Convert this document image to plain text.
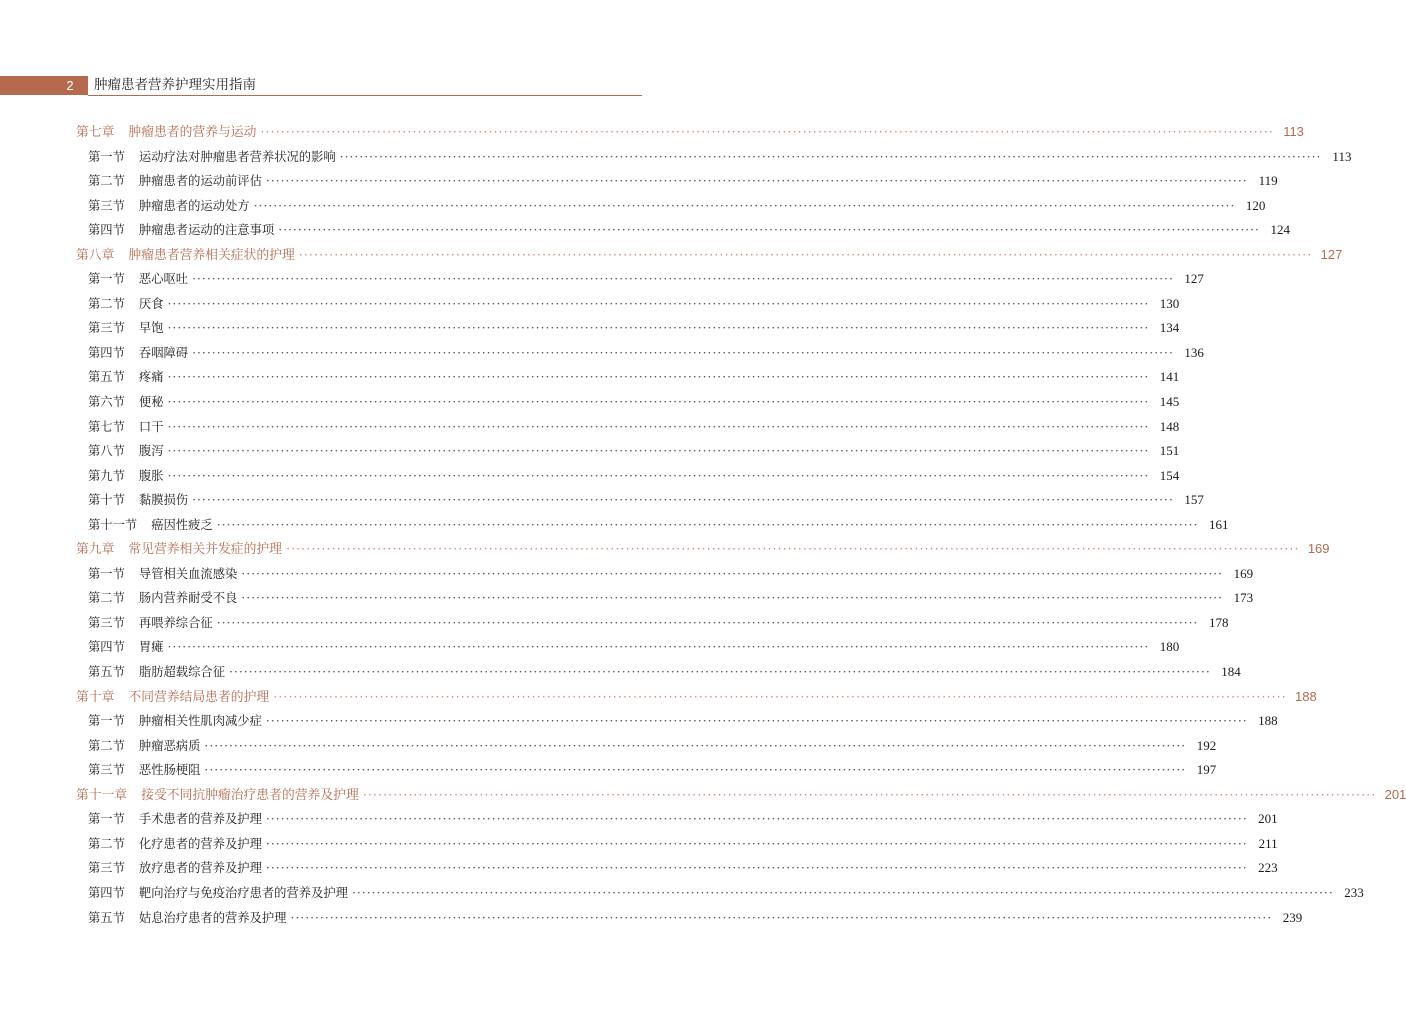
2	肿瘤患者营养护理实用指南
第七章 肿瘤患者的营养与运动 ········································································································································································································ 113
第一节 运动疗法对肿瘤患者营养状况的影响 ········································································································································································································ 113
第二节 肿瘤患者的运动前评估 ········································································································································································································ 119
第三节 肿瘤患者的运动处方 ········································································································································································································ 120
第四节 肿瘤患者运动的注意事项 ········································································································································································································ 124
第八章 肿瘤患者营养相关症状的护理 ········································································································································································································ 127
第一节 恶心呕吐 ········································································································································································································ 127
第二节 厌食 ········································································································································································································ 130
第三节 早饱 ········································································································································································································ 134
第四节 吞咽障碍 ········································································································································································································ 136
第五节 疼痛 ········································································································································································································ 141
第六节 便秘 ········································································································································································································ 145
第七节 口干 ········································································································································································································ 148
第八节 腹泻 ········································································································································································································ 151
第九节 腹胀 ········································································································································································································ 154
第十节 黏膜损伤 ········································································································································································································ 157
第十一节 癌因性疲乏 ········································································································································································································ 161
第九章 常见营养相关并发症的护理 ········································································································································································································ 169
第一节 导管相关血流感染 ········································································································································································································ 169
第二节 肠内营养耐受不良 ········································································································································································································ 173
第三节 再喂养综合征 ········································································································································································································ 178
第四节 胃瘫 ········································································································································································································ 180
第五节 脂肪超载综合征 ········································································································································································································ 184
第十章 不同营养结局患者的护理 ········································································································································································································ 188
第一节 肿瘤相关性肌肉减少症 ········································································································································································································ 188
第二节 肿瘤恶病质 ········································································································································································································ 192
第三节 恶性肠梗阻 ········································································································································································································ 197
第十一章 接受不同抗肿瘤治疗患者的营养及护理 ········································································································································································································ 201
第一节 手术患者的营养及护理 ········································································································································································································ 201
第二节 化疗患者的营养及护理 ········································································································································································································ 211
第三节 放疗患者的营养及护理 ········································································································································································································ 223
第四节 靶向治疗与免疫治疗患者的营养及护理 ········································································································································································································ 233
第五节 姑息治疗患者的营养及护理 ········································································································································································································ 239
